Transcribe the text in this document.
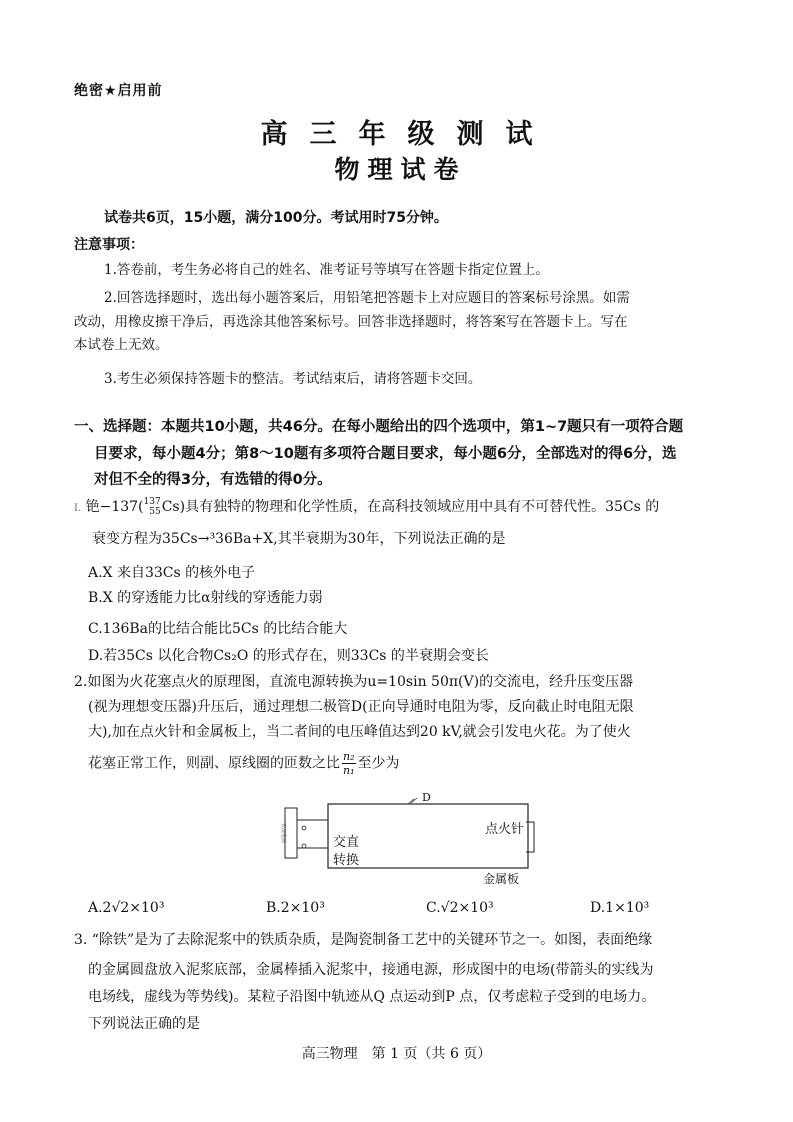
绝密★启用前
高三年级测试
物理试卷
试卷共6页，15小题，满分100分。考试用时75分钟。
注意事项：
1.答卷前，考生务必将自己的姓名、准考证号等填写在答题卡指定位置上。
2.回答选择题时，选出每小题答案后，用铅笔把答题卡上对应题目的答案标号涂黑。如需
改动，用橡皮擦干净后，再选涂其他答案标号。回答非选择题时，将答案写在答题卡上。写在
本试卷上无效。
3.考生必须保持答题卡的整洁。考试结束后，请将答题卡交回。
一、选择题：本题共10小题，共46分。在每小题给出的四个选项中，第1~7题只有一项符合题
目要求，每小题4分；第8～10题有多项符合题目要求，每小题6分，全部选对的得6分，选
对但不全的得3分，有选错的得0分。
I. 铯−137( 137
55 Cs)具有独特的物理和化学性质，在高科技领域应用中具有不可替代性。35Cs 的
衰变方程为35Cs→³36Ba+X,其半衰期为30年，下列说法正确的是
A.X 来自33Cs 的核外电子
B.X 的穿透能力比α射线的穿透能力弱
C.136Ba的比结合能比5Cs 的比结合能大
D.若35Cs 以化合物Cs₂O 的形式存在，则33Cs 的半衰期会变长
2.如图为火花塞点火的原理图，直流电源转换为u=10sin 50π(V)的交流电，经升压变压器
(视为理想变压器)升压后，通过理想二极管D(正向导通时电阻为零，反向截止时电阻无限
大),加在点火针和金属板上，当二者间的电压峰值达到20 kV,就会引发电火花。为了使火
花塞正常工作，则副、原线圈的匝数之比 $\frac{\text{n₂}}{\text{n₁}}$ 至少为
直流电源	交直
转换
D
点火针
金属板
A.2√2×10³	B.2×10³	C.√2×10³	D.1×10³
3. “除铁”是为了去除泥浆中的铁质杂质，是陶瓷制备工艺中的关键环节之一。如图，表面绝缘
的金属圆盘放入泥浆底部，金属棒插入泥浆中，接通电源，形成图中的电场(带箭头的实线为
电场线，虚线为等势线)。某粒子沿图中轨迹从Q 点运动到P 点，仅考虑粒子受到的电场力。
下列说法正确的是
高三物理　第 1 页（共 6 页）
